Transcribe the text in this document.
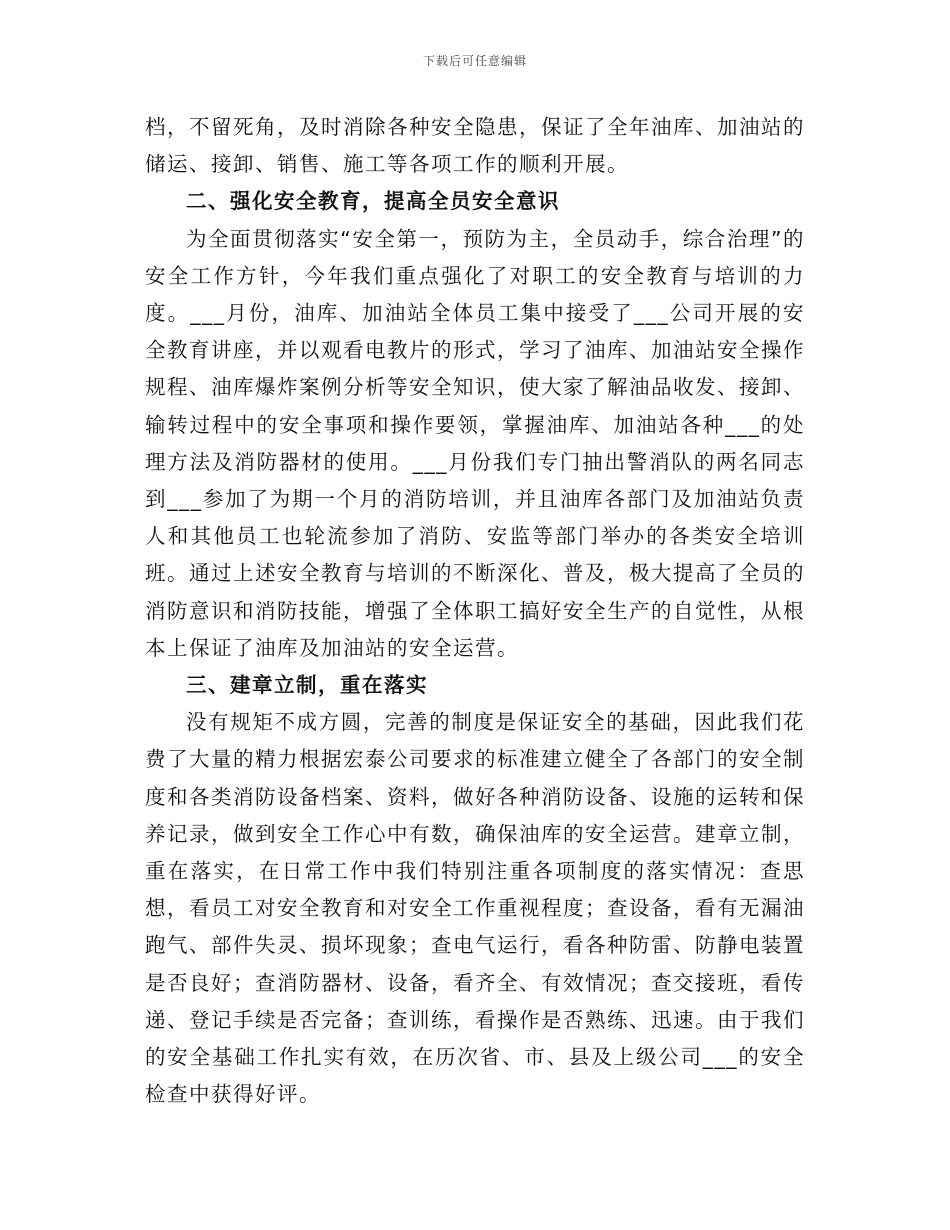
下载后可任意编辑

档，不留死角，及时消除各种安全隐患，保证了全年油库、加油站的储运、接卸、销售、施工等各项工作的顺利开展。

二、强化安全教育，提高全员安全意识

为全面贯彻落实“安全第一，预防为主，全员动手，综合治理”的安全工作方针，今年我们重点强化了对职工的安全教育与培训的力度。___月份，油库、加油站全体员工集中接受了___公司开展的安全教育讲座，并以观看电教片的形式，学习了油库、加油站安全操作规程、油库爆炸案例分析等安全知识，使大家了解油品收发、接卸、输转过程中的安全事项和操作要领，掌握油库、加油站各种___的处理方法及消防器材的使用。___月份我们专门抽出警消队的两名同志到___参加了为期一个月的消防培训，并且油库各部门及加油站负责人和其他员工也轮流参加了消防、安监等部门举办的各类安全培训班。通过上述安全教育与培训的不断深化、普及，极大提高了全员的消防意识和消防技能，增强了全体职工搞好安全生产的自觉性，从根本上保证了油库及加油站的安全运营。

三、建章立制，重在落实

没有规矩不成方圆，完善的制度是保证安全的基础，因此我们花费了大量的精力根据宏泰公司要求的标准建立健全了各部门的安全制度和各类消防设备档案、资料，做好各种消防设备、设施的运转和保养记录，做到安全工作心中有数，确保油库的安全运营。建章立制，重在落实，在日常工作中我们特别注重各项制度的落实情况：查思想，看员工对安全教育和对安全工作重视程度；查设备，看有无漏油跑气、部件失灵、损坏现象；查电气运行，看各种防雷、防静电装置是否良好；查消防器材、设备，看齐全、有效情况；查交接班，看传递、登记手续是否完备；查训练，看操作是否熟练、迅速。由于我们的安全基础工作扎实有效，在历次省、市、县及上级公司___的安全检查中获得好评。
